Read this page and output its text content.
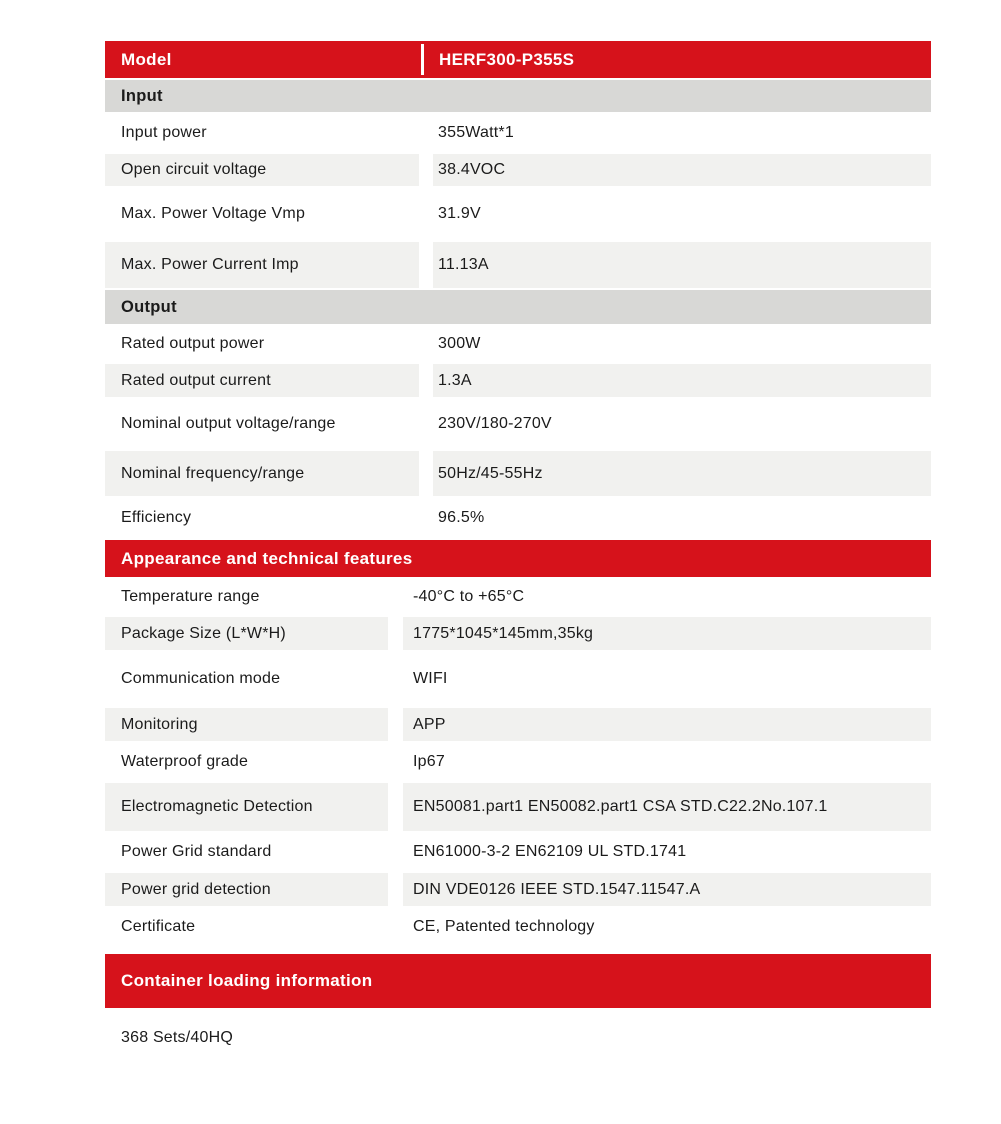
Model	HERF300-P355S
Input
Input power	355Watt*1
Open circuit voltage	38.4VOC
Max. Power Voltage Vmp	31.9V
Max. Power Current Imp	11.13A
Output
Rated output power	300W
Rated output current	1.3A
Nominal output voltage/range	230V/180-270V
Nominal frequency/range	50Hz/45-55Hz
Efficiency	96.5%
Appearance and technical features
Temperature range	-40°C to +65°C
Package Size (L*W*H)	1775*1045*145mm,35kg
Communication mode	WIFI
Monitoring	APP
Waterproof grade	Ip67
Electromagnetic Detection	EN50081.part1 EN50082.part1 CSA STD.C22.2No.107.1
Power Grid standard	EN61000-3-2 EN62109 UL STD.1741
Power grid detection	DIN VDE0126 IEEE STD.1547.11547.A
Certificate	CE, Patented technology
Container loading information
368 Sets/40HQ
